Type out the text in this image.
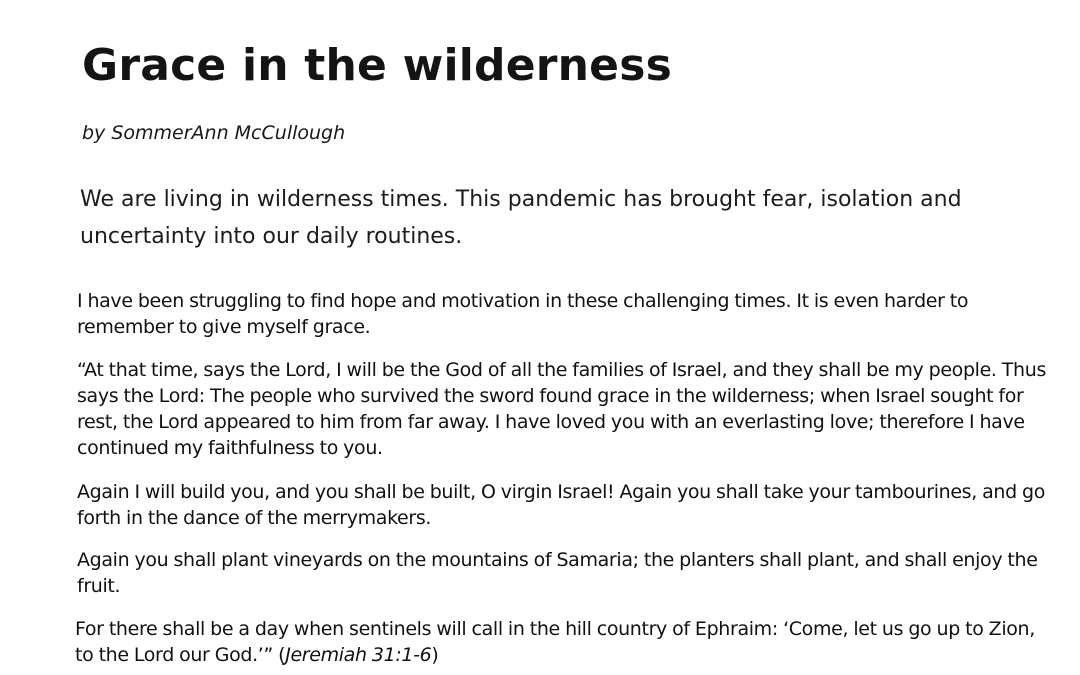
Grace in the wilderness

by SommerAnn McCullough

We are living in wilderness times. This pandemic has brought fear, isolation and uncertainty into our daily routines.

I have been struggling to find hope and motivation in these challenging times. It is even harder to remember to give myself grace.

“At that time, says the Lord, I will be the God of all the families of Israel, and they shall be my people. Thus says the Lord: The people who survived the sword found grace in the wilderness; when Israel sought for rest, the Lord appeared to him from far away. I have loved you with an everlasting love; therefore I have continued my faithfulness to you.

Again I will build you, and you shall be built, O virgin Israel! Again you shall take your tambourines, and go forth in the dance of the merrymakers.

Again you shall plant vineyards on the mountains of Samaria; the planters shall plant, and shall enjoy the fruit.

For there shall be a day when sentinels will call in the hill country of Ephraim: ‘Come, let us go up to Zion, to the Lord our God.’” (Jeremiah 31:1-6)
